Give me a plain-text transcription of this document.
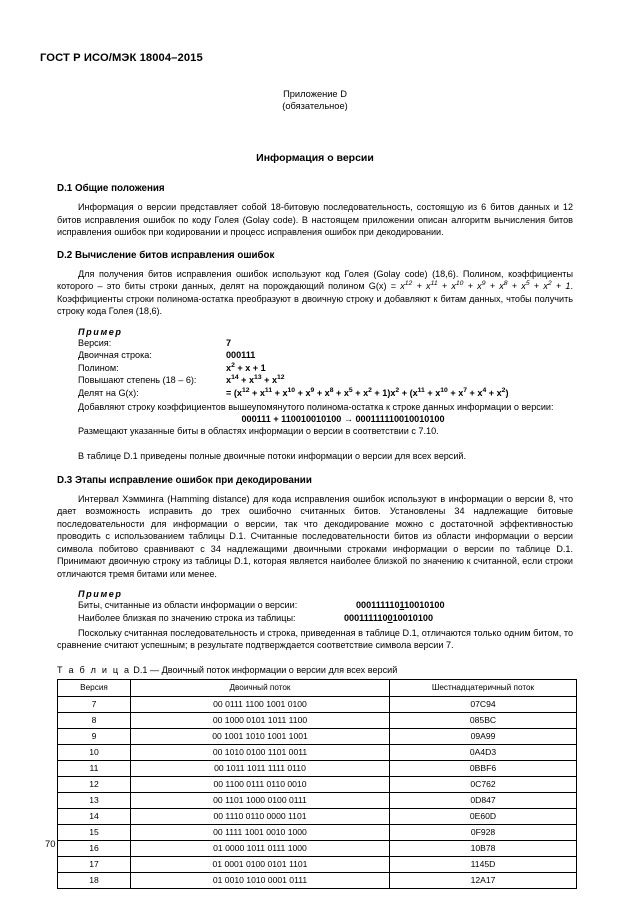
ГОСТ Р ИСО/МЭК 18004–2015
Приложение D
(обязательное)
Информация о версии
D.1 Общие положения

Информация о версии представляет собой 18-битовую последовательность, состоящую из 6 битов данных и 12 битов исправления ошибок по коду Голея (Golay code). В настоящем приложении описан алгоритм вычисления битов исправления ошибок при кодировании и процесс исправления ошибок при декодировании.

D.2 Вычисление битов исправления ошибок

Для получения битов исправления ошибок используют код Голея (Golay code) (18,6). Полином, коэффициенты которого – это биты строки данных, делят на порождающий полином $G(x) = x^{12} + x^{11} + x^{10} + x^9 + x^8 + x^5 + x^2 + 1$. Коэффициенты строки полинома-остатка преобразуют в двоичную строку и добавляют к битам данных, чтобы получить строку кода Голея (18,6).

Пример
Версия:	7
Двоичная строка:	000111
Полином:	$x^2 + x + 1$
Повышают степень (18 – 6):	$x^{14} + x^{13} + x^{12}$
Делят на G(x):	= $(x^{12} + x^{11} + x^{10} + x^9 + x^8 + x^5 + x^2 + 1)x^2 + (x^{11} + x^{10} + x^7 + x^4 + x^2)$

Добавляют строку коэффициентов вышеупомянутого полинома-остатка к строке данных информации о версии:

000111 + 110010010100 → 000111110010010100

Размещают указанные биты в областях информации о версии в соответствии с 7.10.

В таблице D.1 приведены полные двоичные потоки информации о версии для всех версий.

D.3 Этапы исправление ошибок при декодировании

Интервал Хэмминга (Hamming distance) для кода исправления ошибок используют в информации о версии 8, что дает возможность исправить до трех ошибочно считанных битов. Установлены 34 надлежащие битовые последовательности для информации о версии, так что декодирование можно с достаточной эффективностью проводить с использованием таблицы D.1. Считанные последовательности битов из области информации о версии символа побитово сравнивают с 34 надлежащими двоичными строками информации о версии по таблице D.1. Принимают двоичную строку из таблицы D.1, которая является наиболее близкой по значению к считанной, если строки отличаются тремя битами или менее.

Пример
Биты, считанные из области информации о версии:	000111110110010100
Наиболее близкая по значению строка из таблицы:	000111110010010100

Поскольку считанная последовательность и строка, приведенная в таблице D.1, отличаются только одним битом, то сравнение считают успешным; в результате подтверждается соответствие символа версии 7.

Т а б л и ц а D.1 — Двоичный поток информации о версии для всех версий
Версия	Двоичный поток	Шестнадцатеричный поток
7	00 0111 1100 1001 0100	07C94
8	00 1000 0101 1011 1100	085BC
9	00 1001 1010 1001 1001	09A99
10	00 1010 0100 1101 0011	0A4D3
11	00 1011 1011 1111 0110	0BBF6
12	00 1100 0111 0110 0010	0C762
13	00 1101 1000 0100 0111	0D847
14	00 1110 0110 0000 1101	0E60D
15	00 1111 1001 0010 1000	0F928
16	01 0000 1011 0111 1000	10B78
17	01 0001 0100 0101 1101	1145D
18	01 0010 1010 0001 0111	12A17
70
